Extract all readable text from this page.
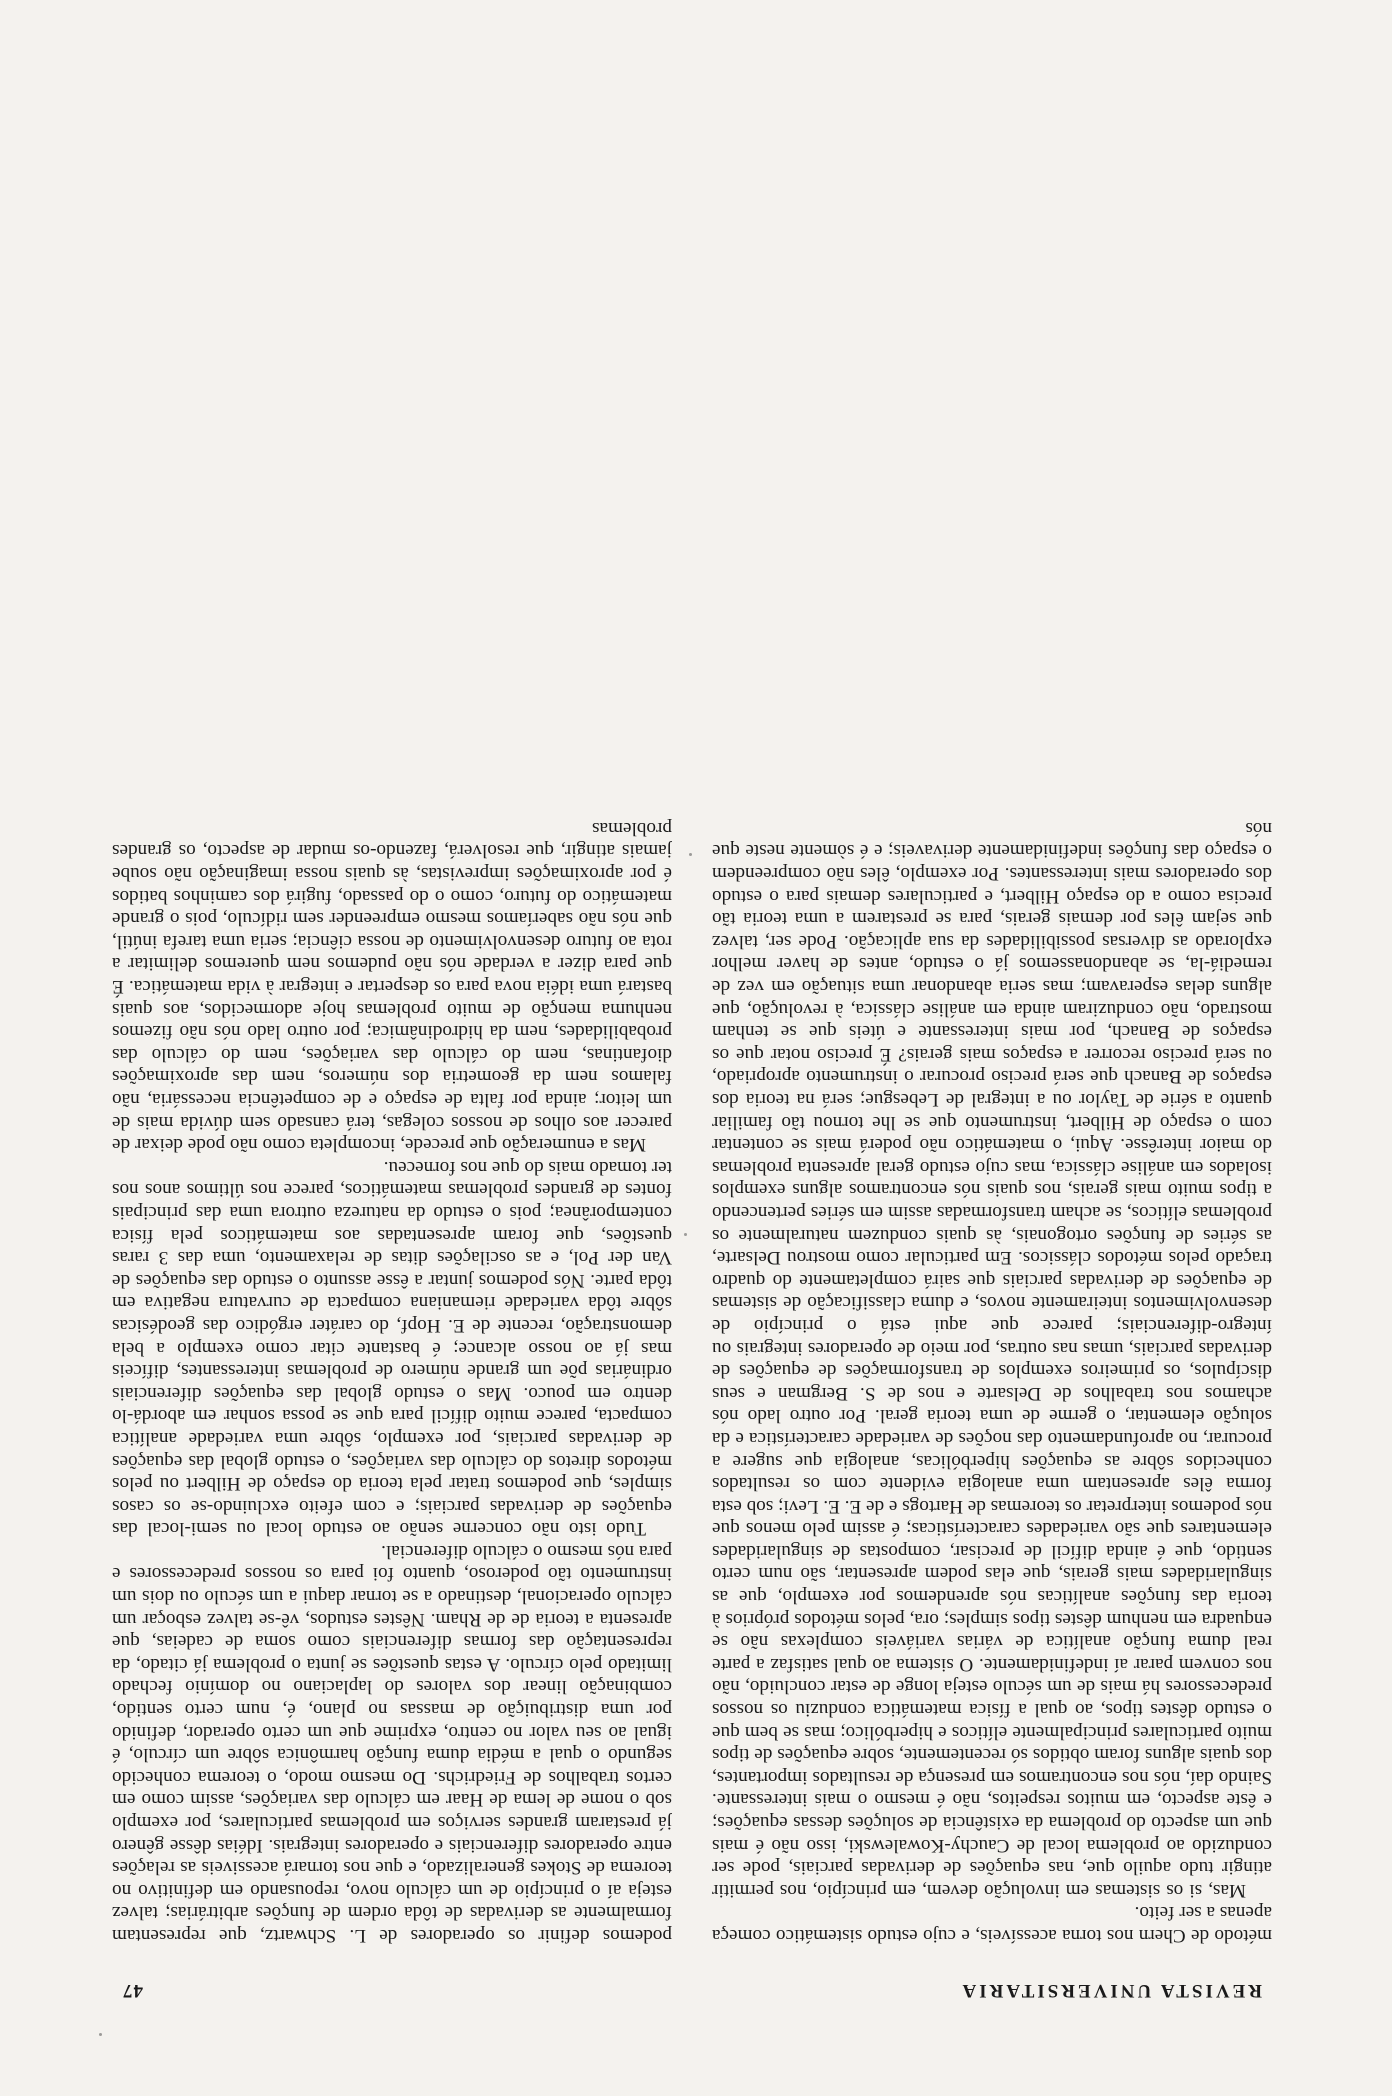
REVISTA UNIVERSITARIA
47

método de Chern nos torna acessíveis, e cujo estudo sistemático começa apenas a ser feito.

Mas, si os sistemas em involução devem, em princípio, nos permitir atingir tudo aquilo que, nas equações de derivadas parciais, pode ser conduzido ao problema local de Cauchy-Kowalewski, isso não é mais que um aspecto do problema da existência de soluções dessas equações; e êste aspecto, em muitos respeitos, não é mesmo o mais interessante. Saindo daí, nós nos encontramos em presença de resultados importantes, dos quais alguns foram obtidos só recentemente, sobre equações de tipos muito particulares principalmente elíticos e hiperbólico; mas se bem que o estudo dêstes tipos, ao qual a física matemática conduziu os nossos predecessores há mais de um século esteja longe de estar concluido, não nos convem parar aí indefinidamente. O sistema ao qual satisfaz a parte real duma função analítica de várias variáveis complexas não se enquadra em nenhum dêstes tipos simples; ora, pelos métodos próprios à teoria das funções analíticas nós aprendemos por exemplo, que as singularidades mais gerais, que elas podem apresentar, são num certo sentido, que é ainda difícil de precisar, compostas de singularidades elementares que são variedades características; é assim pelo menos que nós podemos interpretar os teoremas de Hartogs e de E. E. Levi; sob esta forma êles apresentam uma analogia evidente com os resultados conhecidos sôbre as equações hiperbólicas, analogia que sugere a procurar, no aprofundamento das noções de variedade característica e da solução elementar, o germe de uma teoria geral. Por outro lado nós achamos nos trabalhos de Delsarte e nos de S. Bergman e seus discípulos, os primeiros exemplos de transformações de equações de derivadas parciais, umas nas outras, por meio de operadores integrais ou íntegro-diferenciais; parece que aqui está o princípio de desenvolvimentos inteiramente novos, e duma classificação de sistemas de equações de derivadas parciais que sairá completamente do quadro traçado pelos métodos clássicos. Em particular como mostrou Delsarte, as séries de funções ortogonais, às quais conduzem naturalmente os problemas elíticos, se acham transformadas assim em séries pertencendo a tipos muito mais gerais, nos quais nós encontramos alguns exemplos isolados em análise clássica, mas cujo estudo geral apresenta problemas do maior interêsse. Aqui, o matemático não poderá mais se contentar com o espaço de Hilbert, instrumento que se lhe tornou tão familiar quanto a série de Taylor ou a integral de Lebesgue; será na teoria dos espaços de Banach que será preciso procurar o instrumento apropriado, ou será preciso recorrer a espaços mais gerais? É preciso notar que os espaços de Banach, por mais interessante e úteis que se tenham mostrado, não conduziram ainda em análise clássica, à revolução, que alguns delas esperavam; mas seria abandonar uma situação em vez de remediá-la, se abandonassemos já o estudo, antes de haver melhor explorado as diversas possibilidades da sua aplicação. Pode ser, talvez que sejam êles por demais gerais, para se prestarem a uma teoria tão precisa como a do espaço Hilbert, e particulares demais para o estudo dos operadores mais interessantes. Por exemplo, êles não compreendem o espaço das funções indefinidamente derivaveis; e é sòmente neste que nós

podemos definir os operadores de L. Schwartz, que representam formalmente as derivadas de tôda ordem de funções arbitrárias; talvez esteja aí o princípio de um cálculo novo, repousando em definitivo no teorema de Stokes generalizado, e que nos tornará acessiveis as relações entre operadores diferenciais e operadores integrais. Idéias dêsse gênero já prestaram grandes serviços em problemas particulares, por exemplo sob o nome de lema de Haar em cálculo das variações, assim como em certos trabalhos de Friedrichs. Do mesmo modo, o teorema conhecido segundo o qual a média duma função harmônica sôbre um círculo, é igual ao seu valor no centro, exprime que um certo operador, definido por uma distribuição de massas no plano, é, num certo sentido, combinação linear dos valores do laplaciano no domínio fechado limitado pelo círculo. A estas questões se junta o problema já citado, da representação das formas diferenciais como soma de cadeias, que apresenta a teoria de de Rham. Nêstes estudos, vê-se talvez esboçar um cálculo operacional, destinado a se tornar daqui a um século ou dois um instrumento tão poderoso, quanto foi para os nossos predecessores e para nós mesmo o cálculo diferencial.

Tudo isto não concerne senão ao estudo local ou semi-local das equações de derivadas parciais; e com efeito excluindo-se os casos simples, que podemos tratar pela teoria do espaço de Hilbert ou pelos métodos diretos do cálculo das variações, o estudo global das equações de derivadas parciais, por exemplo, sôbre uma variedade analítica compacta, parece muito difícil para que se possa sonhar em abordá-lo dentro em pouco. Mas o estudo global das equações diferenciais ordinárias põe um grande número de problemas interessantes, difíceis mas já ao nosso alcance; é bastante citar como exemplo a bela demonstração, recente de E. Hopf, do caráter ergódico das geodésicas sôbre tôda variedade riemaniana compacta de curvatura negativa em tôda parte. Nós podemos juntar a êsse assunto o estudo das equações de Van der Pol, e as oscilações ditas de relaxamento, uma das 3 raras questões, que foram apresentadas aos matemáticos pela física contemporânea; pois o estudo da natureza outrora uma das principais fontes de grandes problemas matemáticos, parece nos últimos anos nos ter tomado mais do que nos forneceu.

Mas a enumeração que precede, incompleta como não pode deixar de parecer aos olhos de nossos colegas, terá cansado sem dúvida mais de um leitor; ainda por falta de espaço e de competência necessária, não falamos nem da geometria dos números, nem das aproximações diofantinas, nem do cálculo das variações, nem do cálculo das probabilidades, nem da hidrodinâmica; por outro lado nós não fizemos nenhuma menção de muito problemas hoje adormecidos, aos quais bastará uma idéia nova para os despertar e integrar à vida matemática. É que para dizer a verdade nós não pudemos nem queremos delimitar a rota ao futuro desenvolvimento de nossa ciência; seria uma tarefa inútil, que nós não saberíamos mesmo empreender sem ridículo, pois o grande matemático do futuro, como o do passado, fugirá dos caminhos batidos é por aproximações imprevistas, às quais nossa imaginação não soube jamais atingir, que resolverá, fazendo-os mudar de aspecto, os grandes problemas
